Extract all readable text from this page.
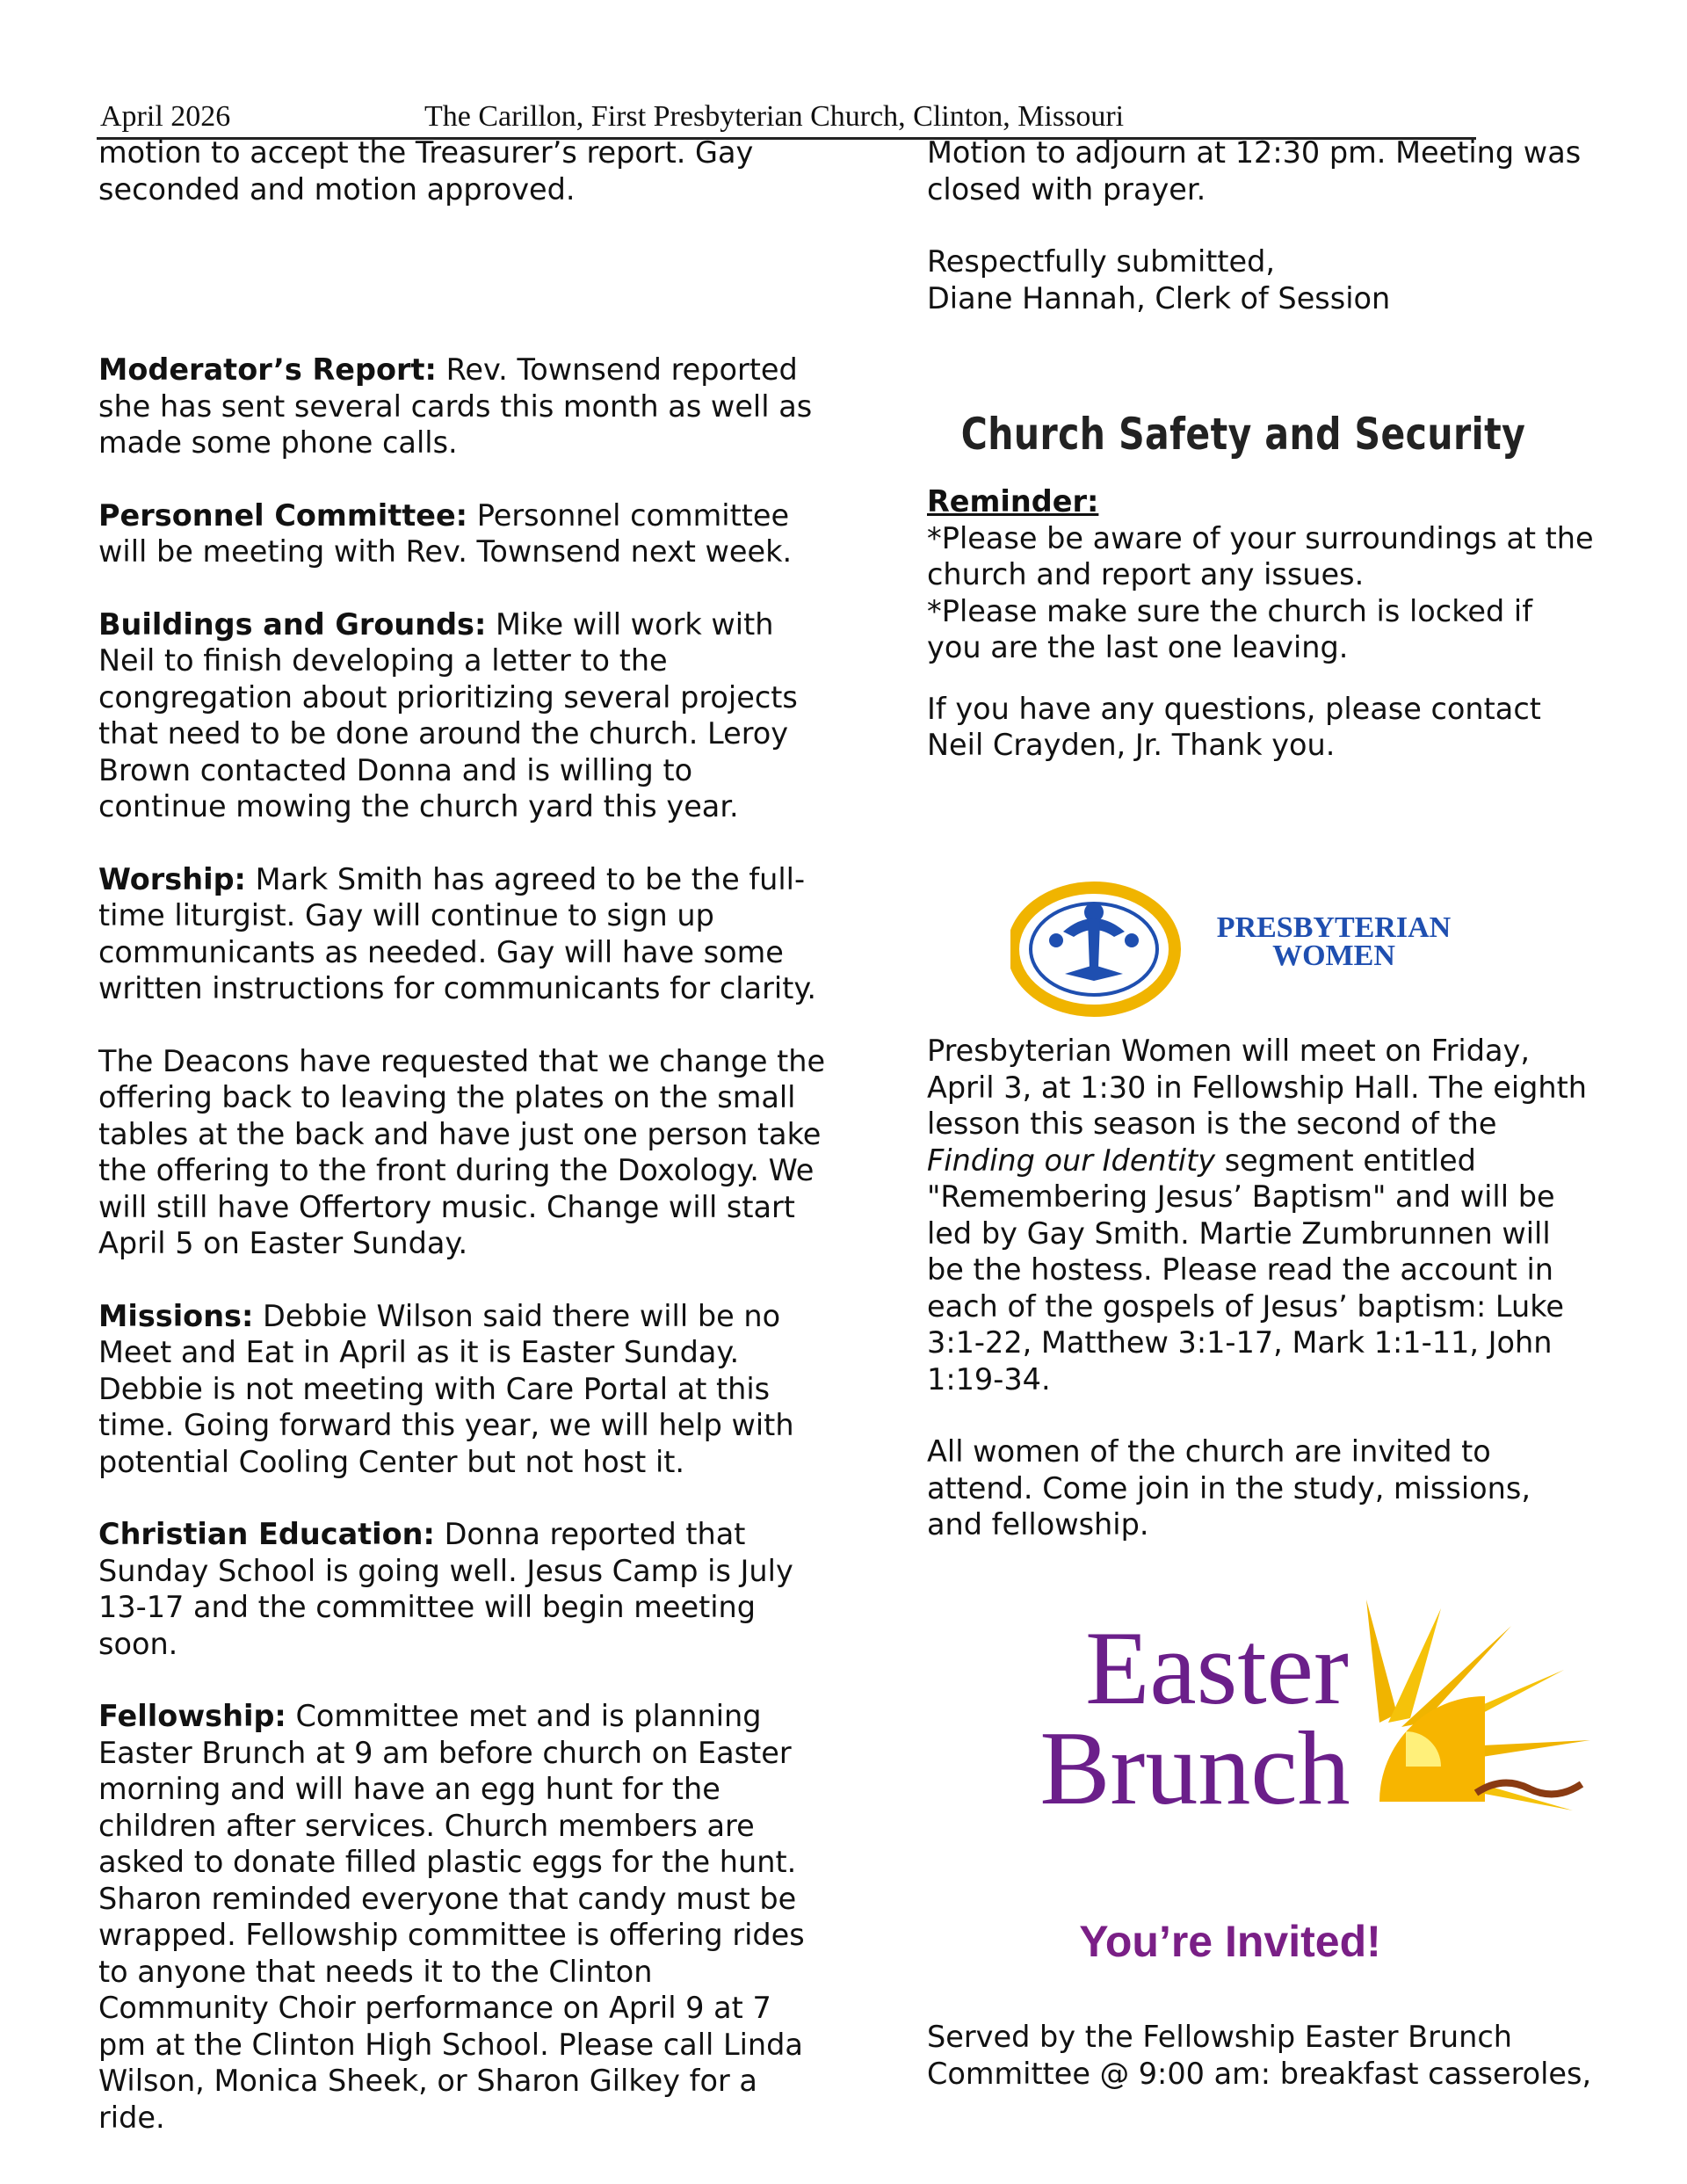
April 2026	The Carillon, First Presbyterian Church, Clinton, Missouri

motion to accept the Treasurer’s report. Gay seconded and motion approved.

Moderator’s Report: Rev. Townsend reported she has sent several cards this month as well as made some phone calls.

Personnel Committee: Personnel committee will be meeting with Rev. Townsend next week.

Buildings and Grounds: Mike will work with Neil to finish developing a letter to the congregation about prioritizing several projects that need to be done around the church. Leroy Brown contacted Donna and is willing to continue mowing the church yard this year.

Worship: Mark Smith has agreed to be the full-time liturgist. Gay will continue to sign up communicants as needed. Gay will have some written instructions for communicants for clarity.

The Deacons have requested that we change the offering back to leaving the plates on the small tables at the back and have just one person take the offering to the front during the Doxology. We will still have Offertory music. Change will start April 5 on Easter Sunday.

Missions: Debbie Wilson said there will be no Meet and Eat in April as it is Easter Sunday. Debbie is not meeting with Care Portal at this time. Going forward this year, we will help with potential Cooling Center but not host it.

Christian Education: Donna reported that Sunday School is going well. Jesus Camp is July 13-17 and the committee will begin meeting soon.

Fellowship: Committee met and is planning Easter Brunch at 9 am before church on Easter morning and will have an egg hunt for the children after services. Church members are asked to donate filled plastic eggs for the hunt. Sharon reminded everyone that candy must be wrapped. Fellowship committee is offering rides to anyone that needs it to the Clinton Community Choir performance on April 9 at 7 pm at the Clinton High School. Please call Linda Wilson, Monica Sheek, or Sharon Gilkey for a ride.

Motion to adjourn at 12:30 pm. Meeting was closed with prayer.

Respectfully submitted,

Diane Hannah, Clerk of Session

Church Safety and Security

Reminder:

*Please be aware of your surroundings at the church and report any issues.

*Please make sure the church is locked if you are the last one leaving.

If you have any questions, please contact Neil Crayden, Jr. Thank you.

PRESBYTERIAN
WOMEN

Presbyterian Women will meet on Friday, April 3, at 1:30 in Fellowship Hall. The eighth lesson this season is the second of the Finding our Identity segment entitled "Remembering Jesus’ Baptism" and will be led by Gay Smith. Martie Zumbrunnen will be the hostess. Please read the account in each of the gospels of Jesus’ baptism: Luke 3:1-22, Matthew 3:1-17, Mark 1:1-11, John 1:19-34.

All women of the church are invited to attend. Come join in the study, missions, and fellowship.

Easter
Brunch
You’re Invited!

Served by the Fellowship Easter Brunch Committee @ 9:00 am: breakfast casseroles,
